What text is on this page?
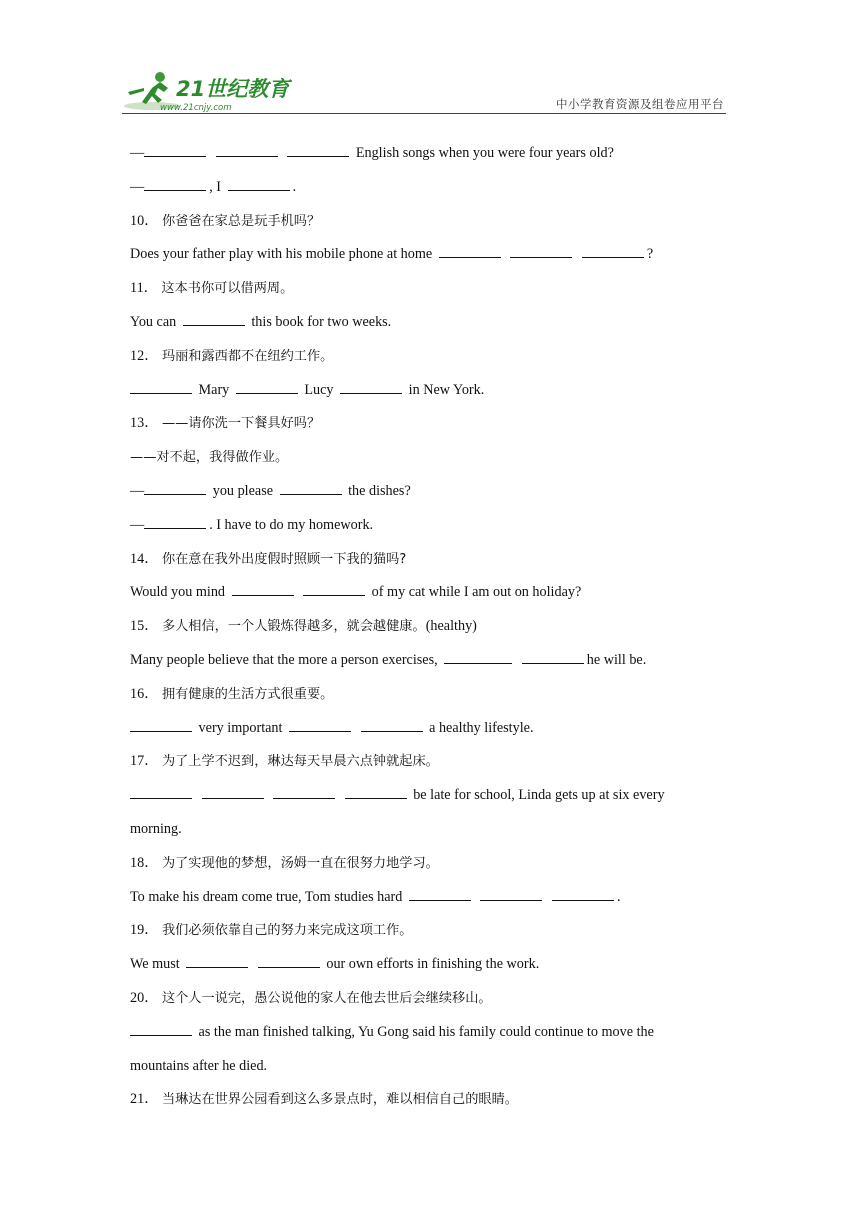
21世纪教育
www.21cnjy.com	中小学教育资源及组卷应用平台
—	English songs when you were four years old?
—	, I	.
10． 你爸爸在家总是玩手机吗？
Does your father play with his mobile phone at home	?
11． 这本书你可以借两周。
You can	this book for two weeks.
12． 玛丽和露西都不在纽约工作。
Mary	Lucy	in New York.
13． ——请你洗一下餐具好吗？
——对不起，我得做作业。
—	you please	the dishes?
—	. I have to do my homework.
14． 你在意在我外出度假时照顾一下我的猫吗?
Would you mind	of my cat while I am out on holiday?
15． 多人相信，一个人锻炼得越多，就会越健康。(healthy)
Many people believe that the more a person exercises,	he will be.
16． 拥有健康的生活方式很重要。
very important	a healthy lifestyle.
17． 为了上学不迟到，琳达每天早晨六点钟就起床。
be late for school, Linda gets up at six every
morning.
18． 为了实现他的梦想，汤姆一直在很努力地学习。
To make his dream come true, Tom studies hard	.
19． 我们必须依靠自己的努力来完成这项工作。
We must	our own efforts in finishing the work.
20． 这个人一说完，愚公说他的家人在他去世后会继续移山。
as the man finished talking, Yu Gong said his family could continue to move the
mountains after he died.
21． 当琳达在世界公园看到这么多景点时，难以相信自己的眼睛。
